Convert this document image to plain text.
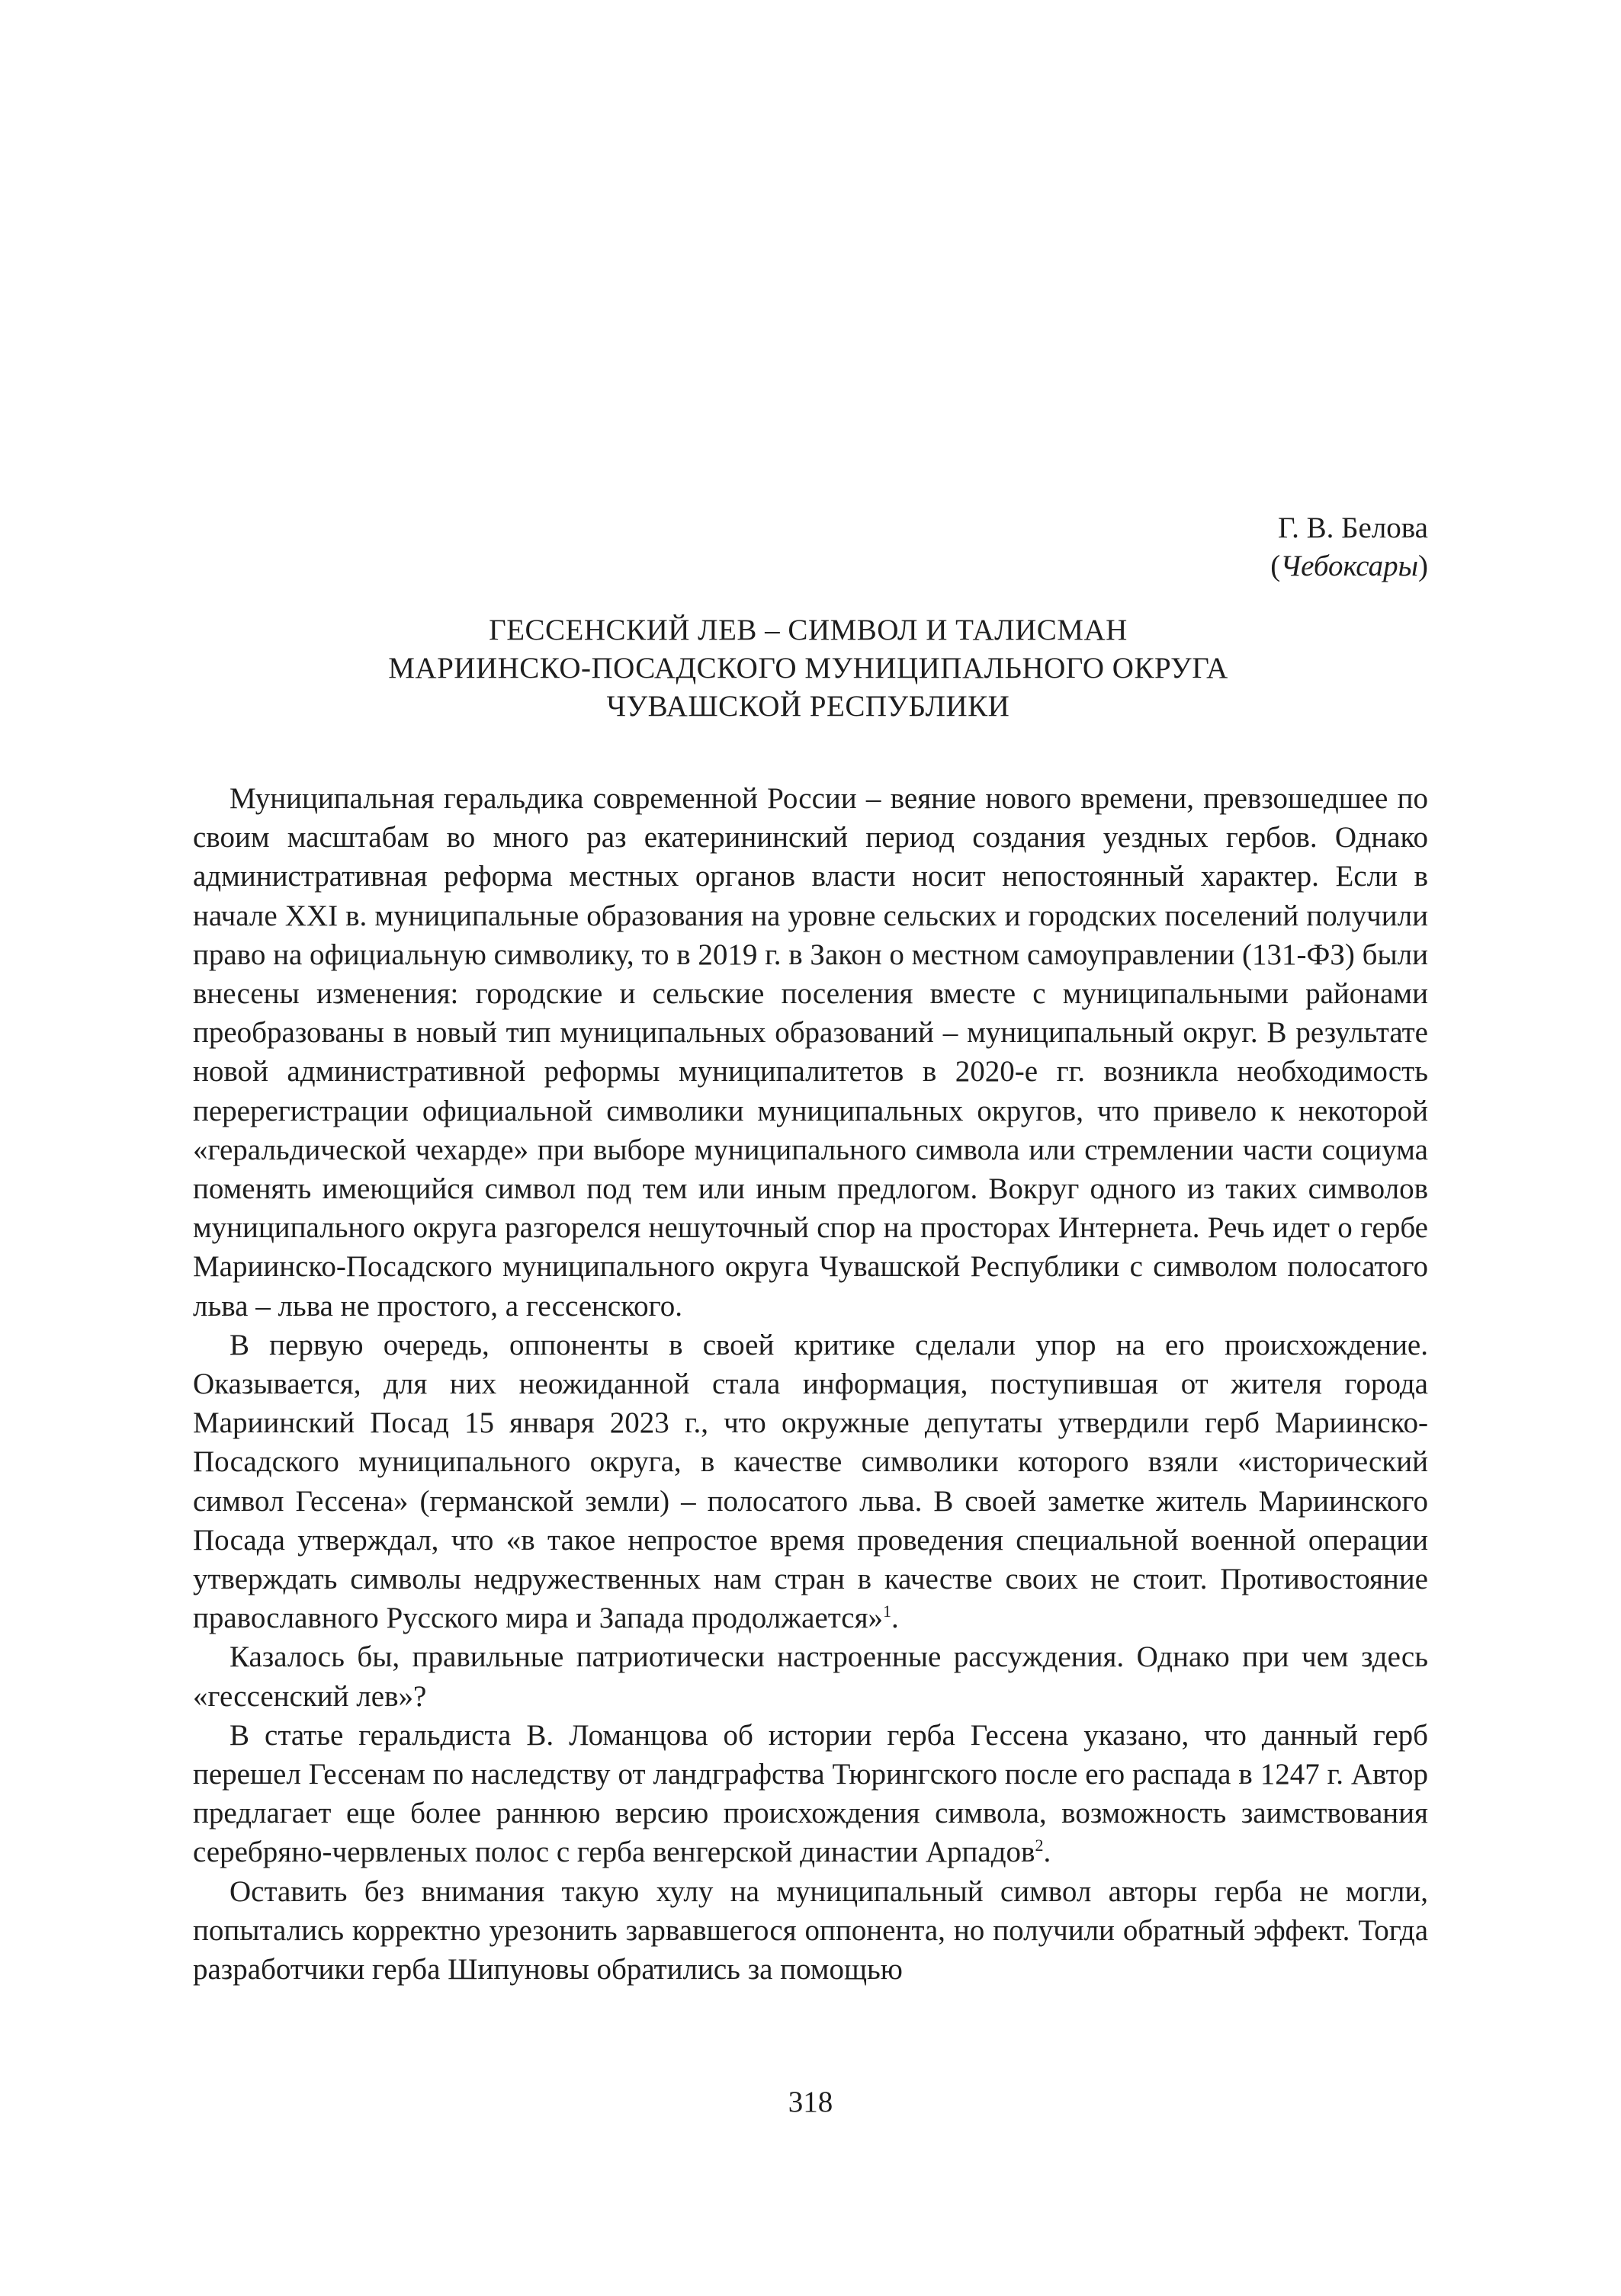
Г. В. Белова
(Чебоксары)
ГЕССЕНСКИЙ ЛЕВ – СИМВОЛ И ТАЛИСМАН
МАРИИНСКО-ПОСАДСКОГО МУНИЦИПАЛЬНОГО ОКРУГА
ЧУВАШСКОЙ РЕСПУБЛИКИ

Муниципальная геральдика современной России – веяние нового времени, превзошедшее по своим масштабам во много раз екатерининский период создания уездных гербов. Однако административная реформа местных органов власти носит непостоянный характер. Если в начале XXI в. муниципальные образования на уровне сельских и городских поселений получили право на официальную символику, то в 2019 г. в Закон о местном самоуправлении (131-ФЗ) были внесены изменения: городские и сельские поселения вместе с муниципальными районами преобразованы в новый тип муниципальных образований – муниципальный округ. В результате новой административной реформы муниципалитетов в 2020-е гг. возникла необходимость перерегистрации официальной символики муниципальных округов, что привело к некоторой «геральдической чехарде» при выборе муниципального символа или стремлении части социума поменять имеющийся символ под тем или иным предлогом. Вокруг одного из таких символов муниципального округа разгорелся нешуточный спор на просторах Интернета. Речь идет о гербе Мариинско-Посадского муниципального округа Чувашской Республики с символом полосатого льва – льва не простого, а гессенского.

В первую очередь, оппоненты в своей критике сделали упор на его происхождение. Оказывается, для них неожиданной стала информация, поступившая от жителя города Мариинский Посад 15 января 2023 г., что окружные депутаты утвердили герб Мариинско-Посадского муниципального округа, в качестве символики которого взяли «исторический символ Гессена» (германской земли) – полосатого льва. В своей заметке житель Мариинского Посада утверждал, что «в такое непростое время проведения специальной военной операции утверждать символы недружественных нам стран в качестве своих не стоит. Противостояние православного Русского мира и Запада продолжается»$^1$.

Казалось бы, правильные патриотически настроенные рассуждения. Однако при чем здесь «гессенский лев»?

В статье геральдиста В. Ломанцова об истории герба Гессена указано, что данный герб перешел Гессенам по наследству от ландграфства Тюрингского после его распада в 1247 г. Автор предлагает еще более раннюю версию происхождения символа, возможность заимствования серебряно-червленых полос с герба венгерской династии Арпадов$^2$.

Оставить без внимания такую хулу на муниципальный символ авторы герба не могли, попытались корректно урезонить зарвавшегося оппонента, но получили обратный эффект. Тогда разработчики герба Шипуновы обратились за помощью

318
